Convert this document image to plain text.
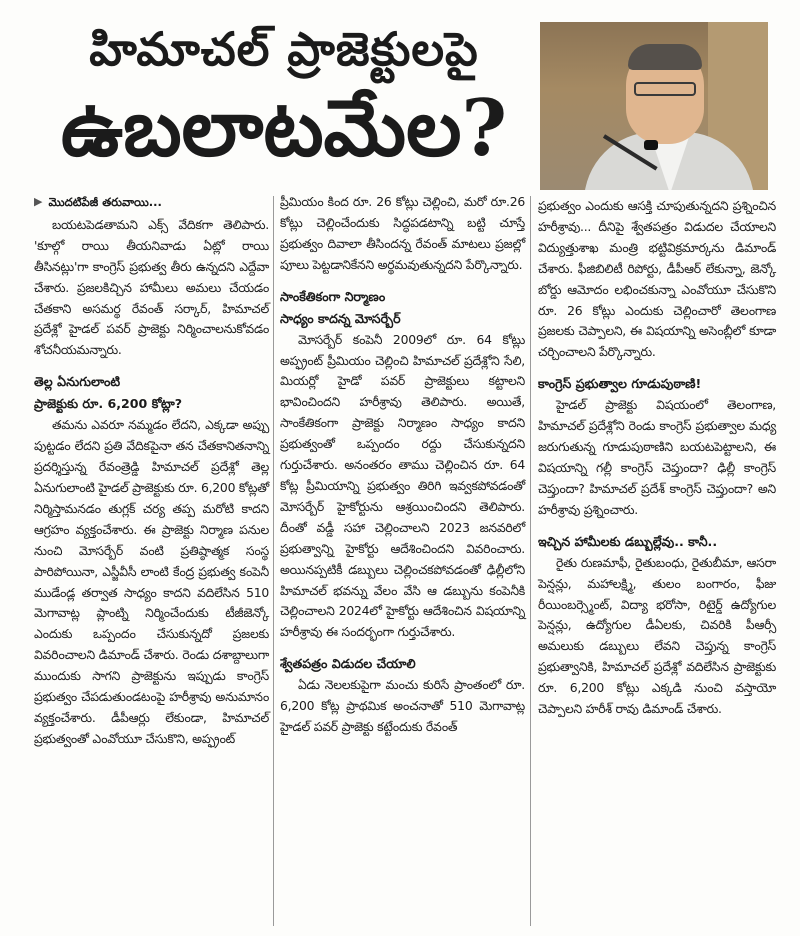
హిమాచల్ ప్రాజెక్టులపై
ఉబలాటమేల?
▶ మొదటిపేజీ తరువాయి...

బయటపెడతామని ఎక్స్ వేదికగా తెలిపారు. 'కూల్గో రాయి తీయనివాడు ఏట్లో రాయి తీసినట్లు'గా కాంగ్రెస్ ప్రభుత్వ తీరు ఉన్నదని ఎద్దేవా చేశారు. ప్రజలకిచ్చిన హామీలు అమలు చేయడం చేతకాని అసమర్థ రేవంత్ సర్కార్, హిమాచల్ ప్రదేశ్లో హైడల్ పవర్ ప్రాజెక్టు నిర్మించాలనుకోవడం శోచనీయమన్నారు.

తెల్ల ఏనుగులాంటి
ప్రాజెక్టుకు రూ. 6,200 కోట్లా?

తమను ఎవరూ నమ్మడం లేదని, ఎక్కడా అప్పు పుట్టడం లేదని ప్రతి వేదికపైనా తన చేతకానితనాన్ని ప్రదర్శిస్తున్న రేవంత్రెడ్డి హిమాచల్ ప్రదేశ్లో తెల్ల ఏనుగులాంటి హైడల్ ప్రాజెక్టుకు రూ. 6,200 కోట్లతో నిర్మిస్తామనడం తుగ్లక్ చర్య తప్ప మరోటి కాదని ఆగ్రహం వ్యక్తంచేశారు. ఈ ప్రాజెక్టు నిర్మాణ పనుల నుంచి మోసర్బేర్ వంటి ప్రతిష్ఠాత్మక సంస్థ పారిపోయినా, ఎస్జీవీసీ లాంటి కేంద్ర ప్రభుత్వ కంపెనీ ముడేండ్ల తర్వాత సాధ్యం కాదని వదిలేసిన 510 మెగావాట్ల ప్లాంట్ని నిర్మించేందుకు టీజీజెన్కో ఎందుకు ఒప్పందం చేసుకున్నదో ప్రజలకు వివరించాలని డిమాండ్ చేశారు. రెండు దశాబ్దాలుగా ముందుకు సాగని ప్రాజెక్టును ఇప్పుడు కాంగ్రెస్ ప్రభుత్వం చేపడుతుండటంపై హరీశ్రావు అనుమానం వ్యక్తంచేశారు. డీపీఆర్లు లేకుండా, హిమాచల్ ప్రభుత్వంతో ఎంవోయూ చేసుకొని, అప్ఫ్రంట్

ప్రీమియం కింద రూ. 26 కోట్లు చెల్లించి, మరో రూ.26 కోట్లు చెల్లించేందుకు సిద్ధపడటాన్ని బట్టి చూస్తే ప్రభుత్వం దివాలా తీసిందన్న రేవంత్ మాటలు ప్రజల్లో పూలు పెట్టడానికేనని అర్థమవుతున్నదని పేర్కొన్నారు.

సాంకేతికంగా నిర్మాణం
సాధ్యం కాదన్న మోసర్బేర్

మోసర్బేర్ కంపెనీ 2009లో రూ. 64 కోట్లు అప్ఫ్రంట్ ప్రీమియం చెల్లించి హిమాచల్ ప్రదేశ్లోని సేలి, మియర్లో హైడో పవర్ ప్రాజెక్టులు కట్టాలని భావించిందని హరీశ్రావు తెలిపారు. అయితే, సాంకేతికంగా ప్రాజెక్టు నిర్మాణం సాధ్యం కాదని ప్రభుత్వంతో ఒప్పందం రద్దు చేసుకున్నదని గుర్తుచేశారు. అనంతరం తాము చెల్లించిన రూ. 64 కోట్ల ప్రీమియాన్ని ప్రభుత్వం తిరిగి ఇవ్వకపోవడంతో మోసర్బేర్ హైకోర్టును ఆశ్రయించిందని తెలిపారు. దీంతో వడ్డీ సహా చెల్లించాలని 2023 జనవరిలో ప్రభుత్వాన్ని హైకోర్టు ఆదేశించిందని వివరించారు. అయినప్పటికీ డబ్బులు చెల్లించకపోవడంతో ఢిల్లీలోని హిమాచల్ భవన్ను వేలం వేసి ఆ డబ్బును కంపెనీకి చెల్లించాలని 2024లో హైకోర్టు ఆదేశించిన విషయాన్ని హరీశ్రావు ఈ సందర్భంగా గుర్తుచేశారు.

శ్వేతపత్రం విడుదల చేయాలి

ఏడు నెలలకుపైగా మంచు కురిసే ప్రాంతంలో రూ. 6,200 కోట్ల ప్రాథమిక అంచనాతో 510 మెగావాట్ల హైడల్ పవర్ ప్రాజెక్టు కట్టేందుకు రేవంత్

ప్రభుత్వం ఎందుకు ఆసక్తి చూపుతున్నదని ప్రశ్నించిన హరీశ్రావు... దీనిపై శ్వేతపత్రం విడుదల చేయాలని విద్యుత్తుశాఖ మంత్రి భట్టివిక్రమార్కను డిమాండ్ చేశారు. ఫీజిబిలిటీ రిపోర్టు, డీపీఆర్ లేకున్నా, జెన్కో బోర్డు ఆమోదం లభించకున్నా ఎంవోయూ చేసుకొని రూ. 26 కోట్లు ఎందుకు చెల్లించారో తెలంగాణ ప్రజలకు చెప్పాలని, ఈ విషయాన్ని అసెంబ్లీలో కూడా చర్చించాలని పేర్కొన్నారు.

కాంగ్రెస్ ప్రభుత్వాల గూడుపుఠాణి!

హైడల్ ప్రాజెక్టు విషయంలో తెలంగాణ, హిమాచల్ ప్రదేశ్లోని రెండు కాంగ్రెస్ ప్రభుత్వాల మధ్య జరుగుతున్న గూడుపుఠాణిని బయటపెట్టాలని, ఈ విషయాన్ని గల్లీ కాంగ్రెస్ చెప్తుందా? ఢిల్లీ కాంగ్రెస్ చెప్తుందా? హిమాచల్ ప్రదేశ్ కాంగ్రెస్ చెప్తుందా? అని హరీశ్రావు ప్రశ్నించారు.

ఇచ్చిన హామీలకు డబ్బుల్లేవు.. కానీ..

రైతు రుణమాఫీ, రైతుబంధు, రైతుబీమా, ఆసరా పెన్షన్లు, మహాలక్ష్మి, తులం బంగారం, ఫీజు రీయింబర్స్మెంట్, విద్యా భరోసా, రిటైర్డ్ ఉద్యోగుల పెన్షన్లు, ఉద్యోగుల డీఏలకు, చివరికి పీఆర్సీ అమలుకు డబ్బులు లేవని చెప్తున్న కాంగ్రెస్ ప్రభుత్వానికి, హిమాచల్ ప్రదేశ్లో వదిలేసిన ప్రాజెక్టుకు రూ. 6,200 కోట్లు ఎక్కడి నుంచి వస్తాయో చెప్పాలని హరీశ్ రావు డిమాండ్ చేశారు.
